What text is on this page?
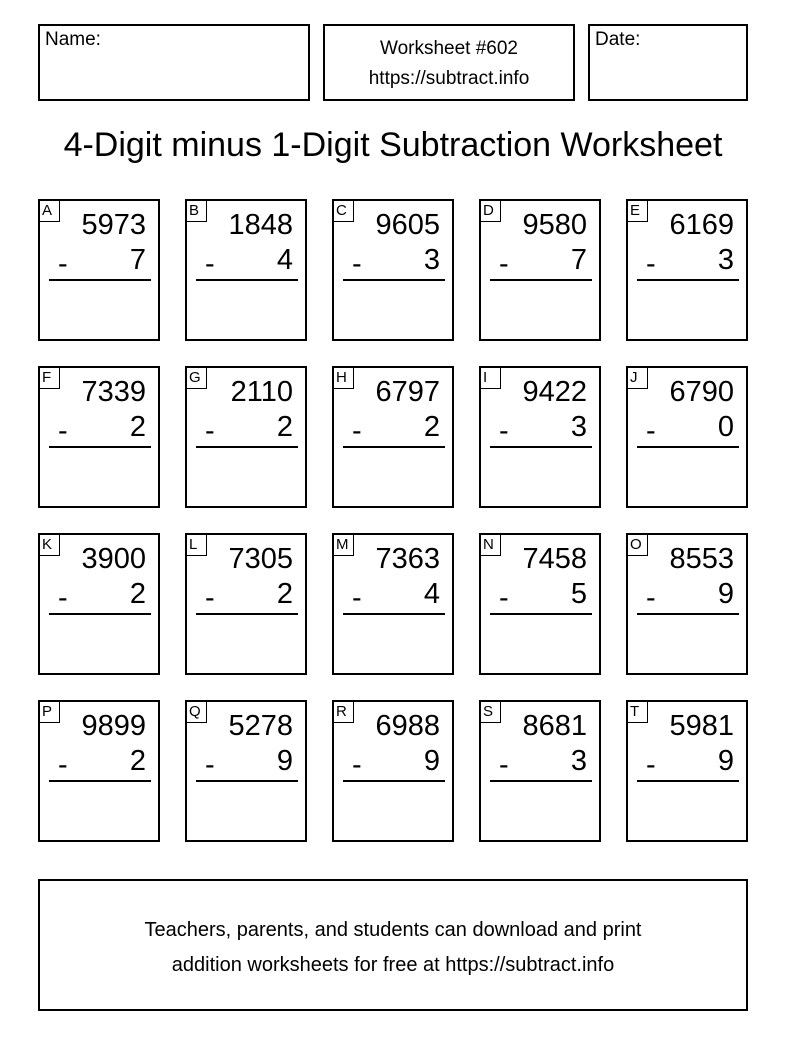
Name:	Worksheet #602
https://subtract.info
Date:
4-Digit minus 1-Digit Subtraction Worksheet
A 5973
- 7
B 1848
- 4
C 9605
- 3
D 9580
- 7
E 6169
- 3
F	7339
- 2
G 2110
- 2
H 6797
- 2
I	9422
- 3
J	6790
- 0
K 3900
- 2
L	7305
- 2
M 7363
- 4
N 7458
- 5
O 8553
- 9
P 9899
- 2
Q 5278
- 9
R 6988
- 9
S 8681
- 3
T	5981
- 9
Teachers, parents, and students can download and print
addition worksheets for free at https://subtract.info
